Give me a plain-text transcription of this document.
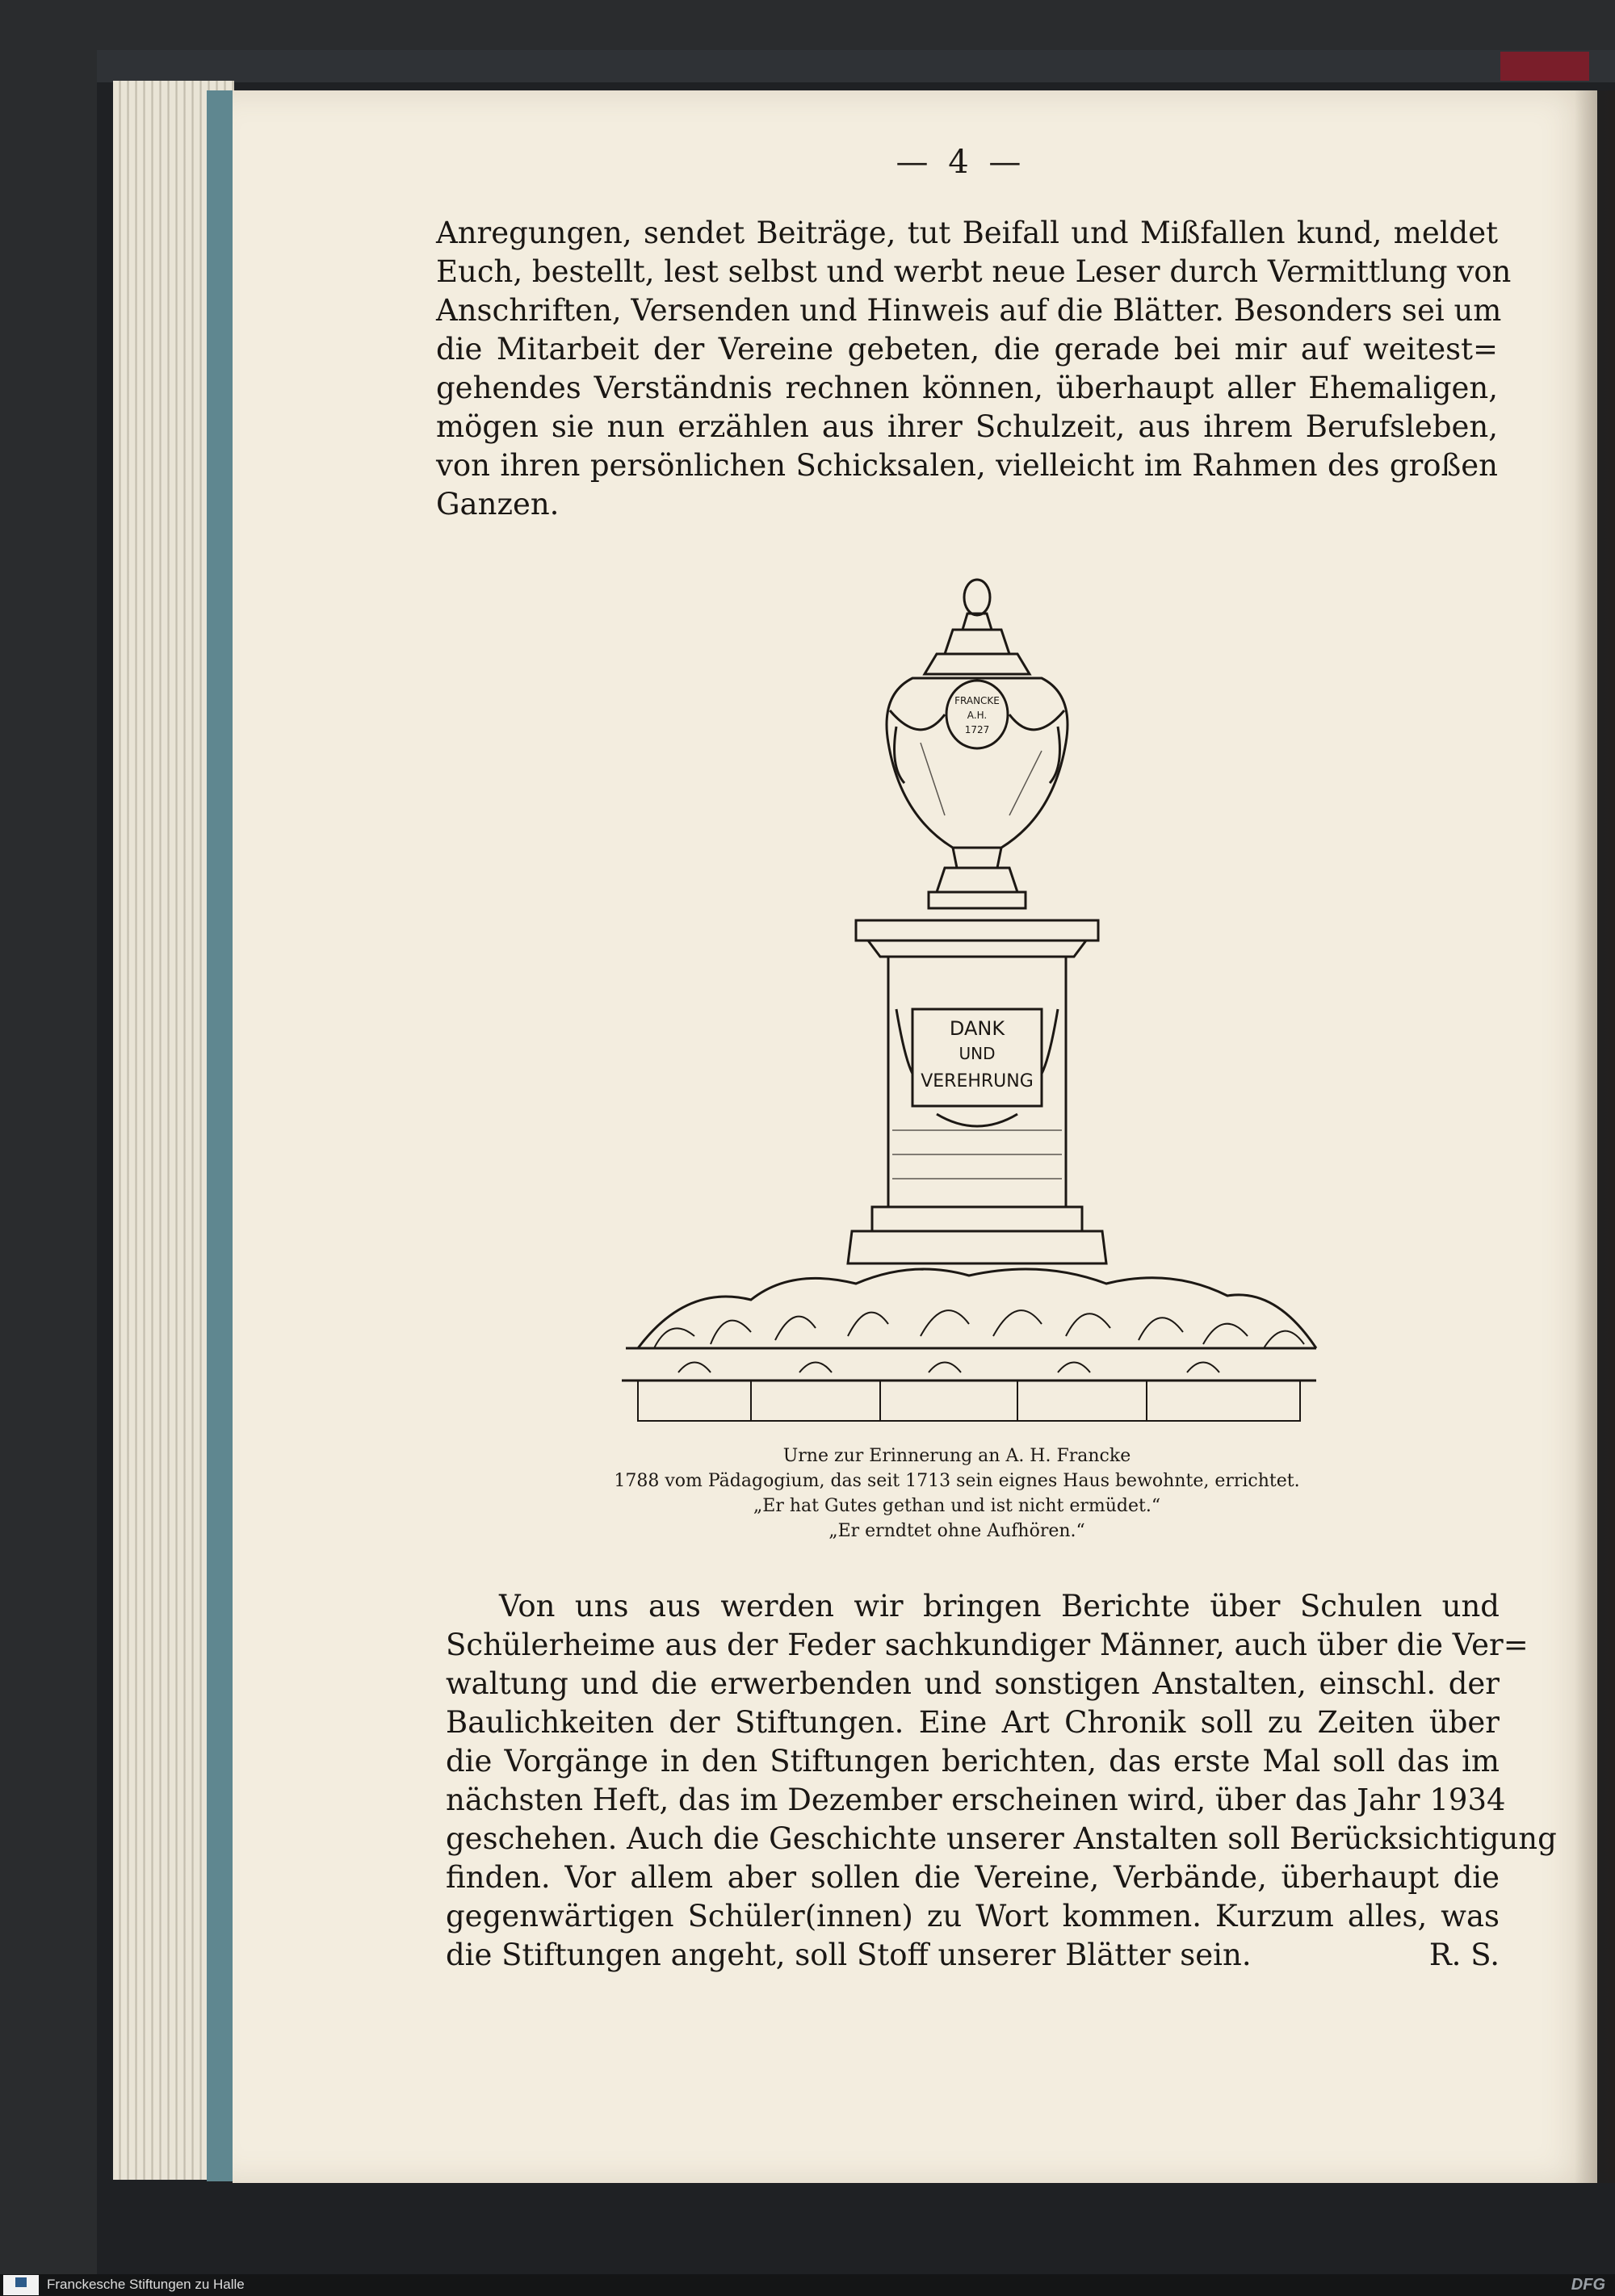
— 4 —
Anregungen, sendet Beiträge, tut Beifall und Mißfallen kund, meldet
Euch, bestellt, lest selbst und werbt neue Leser durch Vermittlung von
Anschriften, Versenden und Hinweis auf die Blätter. Besonders sei um
die Mitarbeit der Vereine gebeten, die gerade bei mir auf weitest=
gehendes Verständnis rechnen können, überhaupt aller Ehemaligen,
mögen sie nun erzählen aus ihrer Schulzeit, aus ihrem Berufsleben,
von ihren persönlichen Schicksalen, vielleicht im Rahmen des großen
Ganzen.
DANK
UND
VEREHRUNG
FRANCKE
A.H.
1727
Urne zur Erinnerung an A. H. Francke
1788 vom Pädagogium, das seit 1713 sein eignes Haus bewohnte, errichtet.
„Er hat Gutes gethan und ist nicht ermüdet.“
„Er erndtet ohne Aufhören.“
Von uns aus werden wir bringen Berichte über Schulen und
Schülerheime aus der Feder sachkundiger Männer, auch über die Ver=
waltung und die erwerbenden und sonstigen Anstalten, einschl. der
Baulichkeiten der Stiftungen. Eine Art Chronik soll zu Zeiten über
die Vorgänge in den Stiftungen berichten, das erste Mal soll das im
nächsten Heft, das im Dezember erscheinen wird, über das Jahr 1934
geschehen. Auch die Geschichte unserer Anstalten soll Berücksichtigung
finden. Vor allem aber sollen die Vereine, Verbände, überhaupt die
gegenwärtigen Schüler(innen) zu Wort kommen. Kurzum alles, was
die Stiftungen angeht, soll Stoff unserer Blätter sein.	R. S.
Franckesche Stiftungen zu Halle	DFG
